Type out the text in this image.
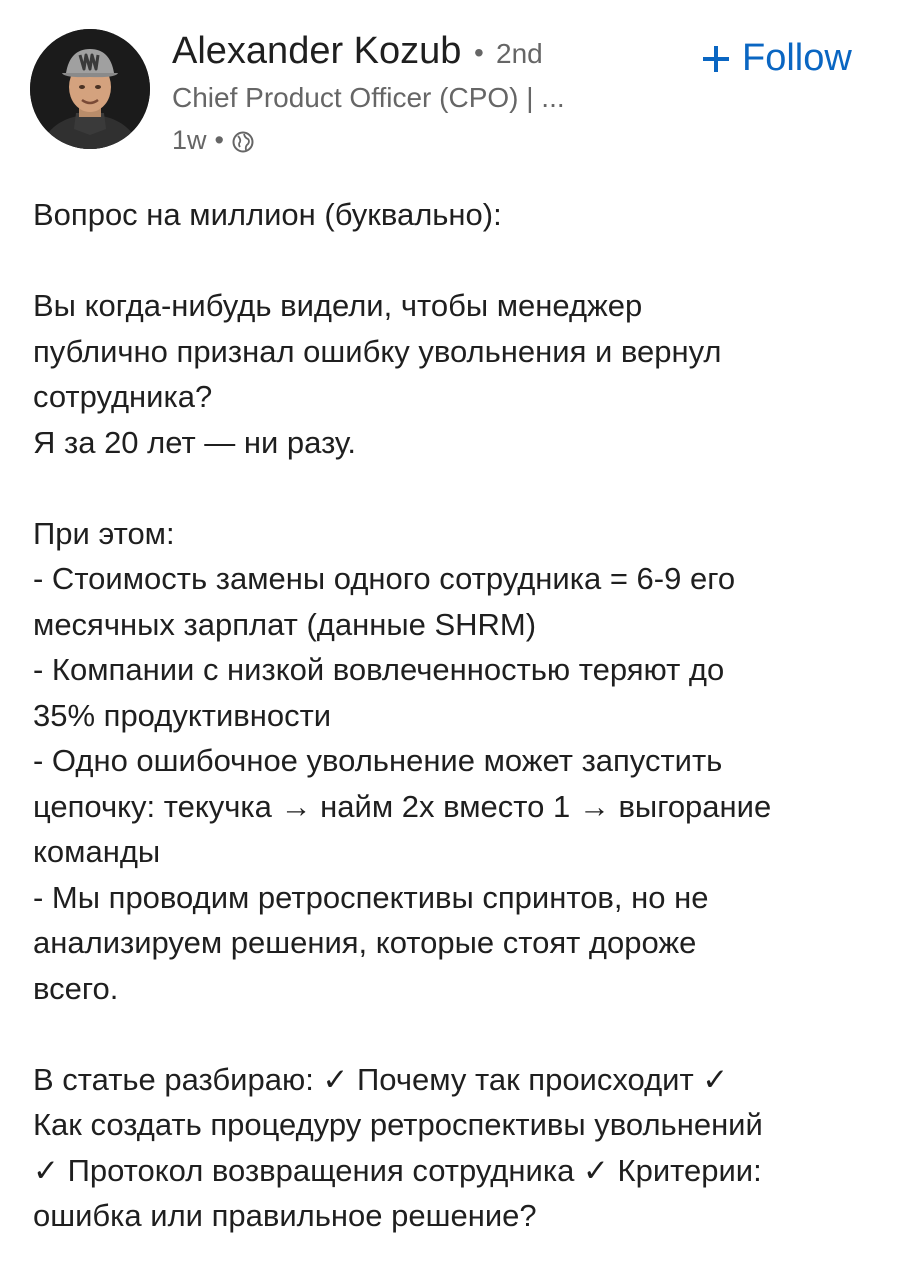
Alexander Kozub • 2nd
Chief Product Officer (CPO) | ...
1w •
Follow

Вопрос на миллион (буквально):

Вы когда-нибудь видели, чтобы менеджер

публично признал ошибку увольнения и вернул

сотрудника?

Я за 20 лет — ни разу.

При этом:

- Стоимость замены одного сотрудника = 6-9 его

месячных зарплат (данные SHRM)

- Компании с низкой вовлеченностью теряют до

35% продуктивности

- Одно ошибочное увольнение может запустить

цепочку: текучка → найм 2х вместо 1 → выгорание

команды

- Мы проводим ретроспективы спринтов, но не

анализируем решения, которые стоят дороже

всего.

В статье разбираю: ✓ Почему так происходит ✓

Как создать процедуру ретроспективы увольнений

✓ Протокол возвращения сотрудника ✓ Критерии:

ошибка или правильное решение?
